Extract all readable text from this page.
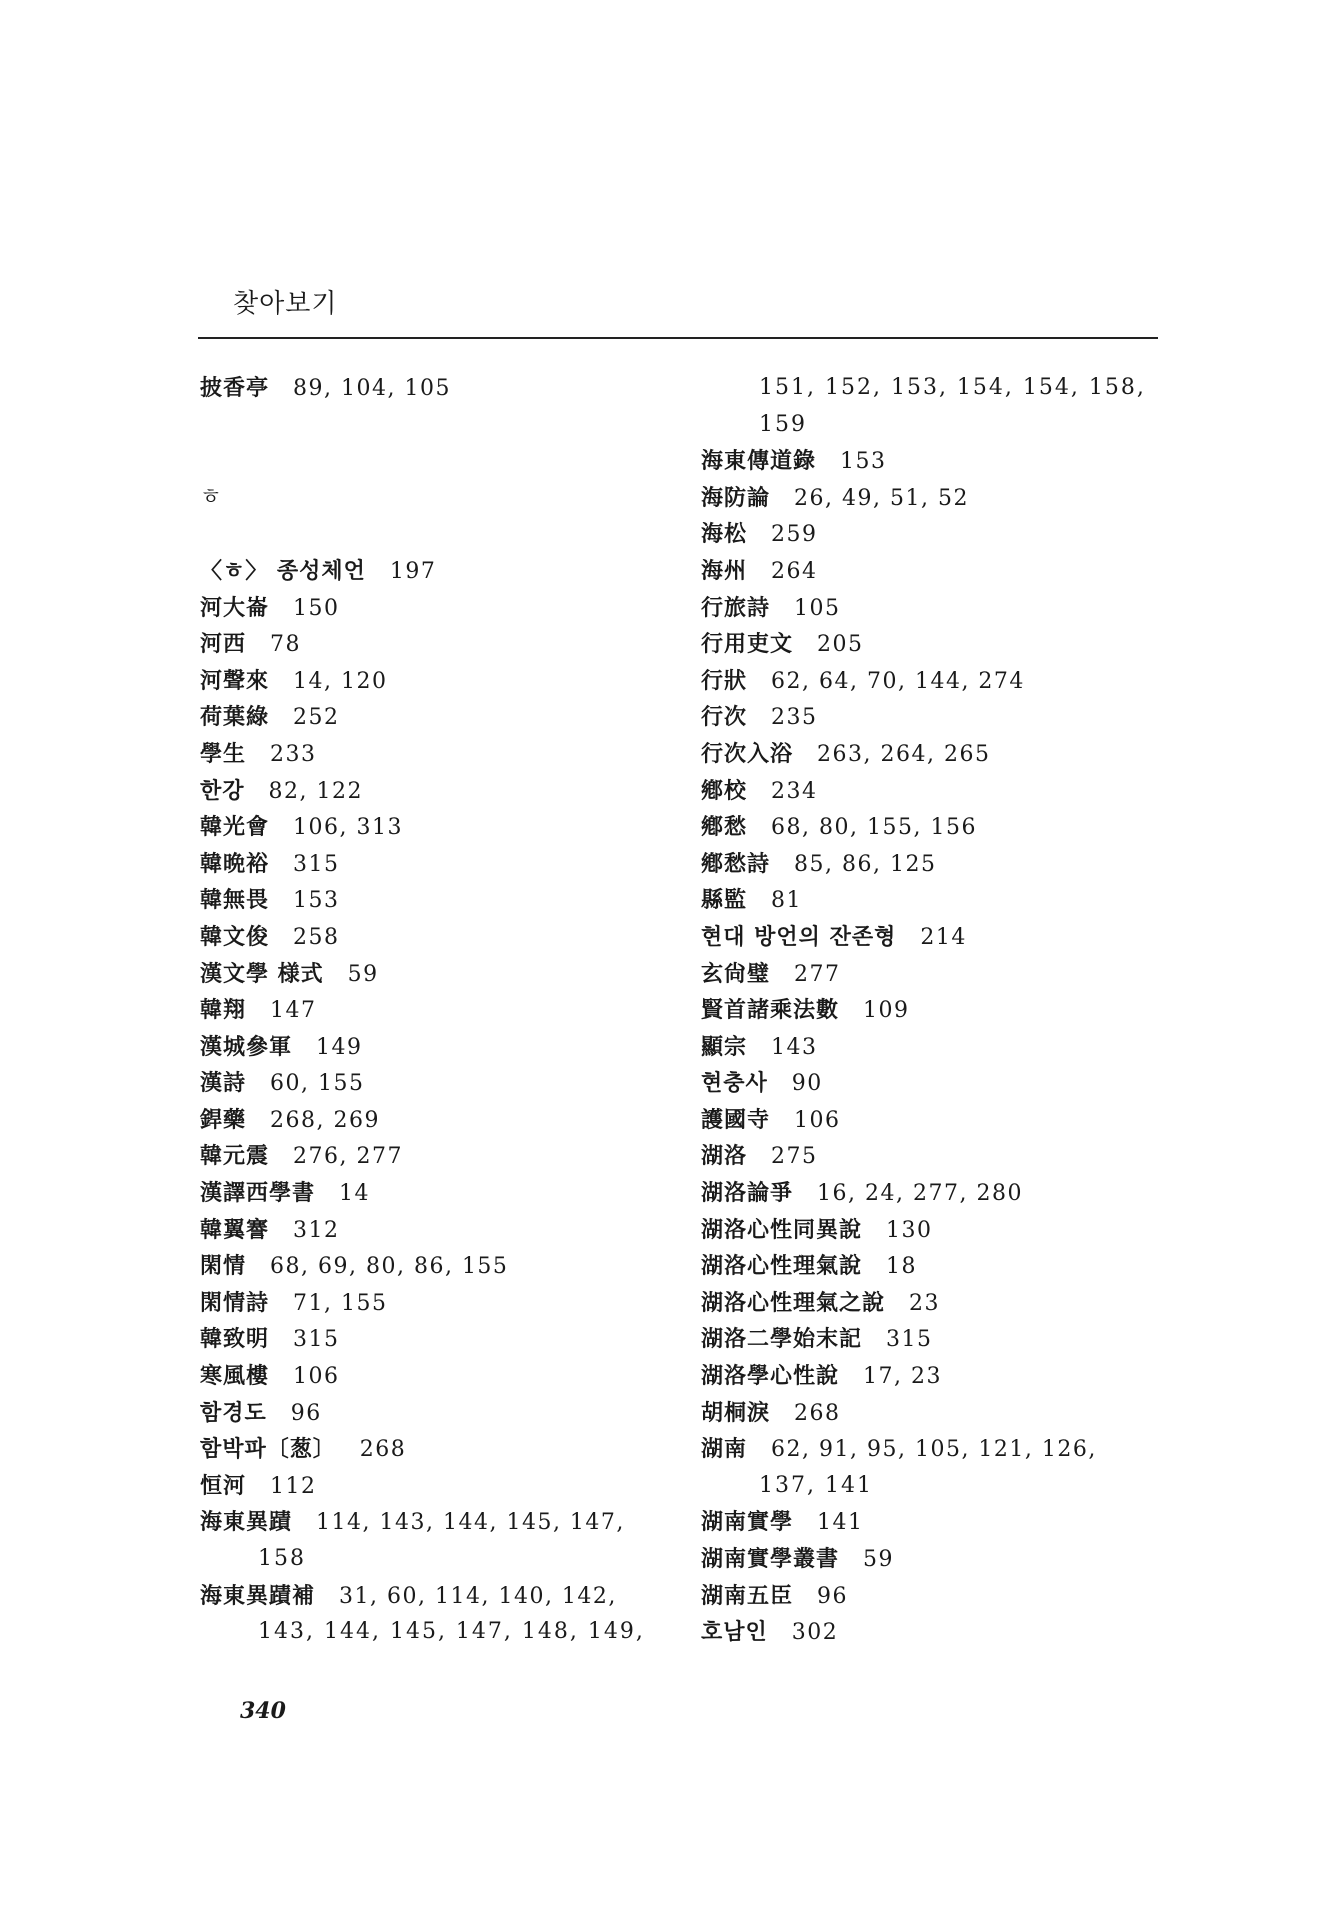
찾아보기
披香亭 89, 104, 105
ㅎ
〈ㅎ〉 종성체언 197
河大崙 150
河西 78
河聲來 14, 120
荷葉綠 252
學生 233
한강 82, 122
韓光會 106, 313
韓晩裕 315
韓無畏 153
韓文俊 258
漢文學 様式 59
韓翔 147
漢城參軍 149
漢詩 60, 155
銲藥 268, 269
韓元震 276, 277
漢譯西學書 14
韓翼謇 312
閑情 68, 69, 80, 86, 155
閑情詩 71, 155
韓致明 315
寒風樓 106
함경도 96
함박파〔葱〕 268
恒河 112
海東異蹟 114, 143, 144, 145, 147,
158
海東異蹟補 31, 60, 114, 140, 142,
143, 144, 145, 147, 148, 149,
151, 152, 153, 154, 154, 158,
159
海東傳道錄 153
海防論 26, 49, 51, 52
海松 259
海州 264
行旅詩 105
行用吏文 205
行狀 62, 64, 70, 144, 274
行次 235
行次入浴 263, 264, 265
鄕校 234
鄕愁 68, 80, 155, 156
鄕愁詩 85, 86, 125
縣監 81
현대 방언의 잔존형 214
玄尙璧 277
賢首諸乘法數 109
顯宗 143
현충사 90
護國寺 106
湖洛 275
湖洛論爭 16, 24, 277, 280
湖洛心性同異說 130
湖洛心性理氣說 18
湖洛心性理氣之說 23
湖洛二學始末記 315
湖洛學心性說 17, 23
胡桐淚 268
湖南 62, 91, 95, 105, 121, 126,
137, 141
湖南實學 141
湖南實學叢書 59
湖南五臣 96
호남인 302
340
